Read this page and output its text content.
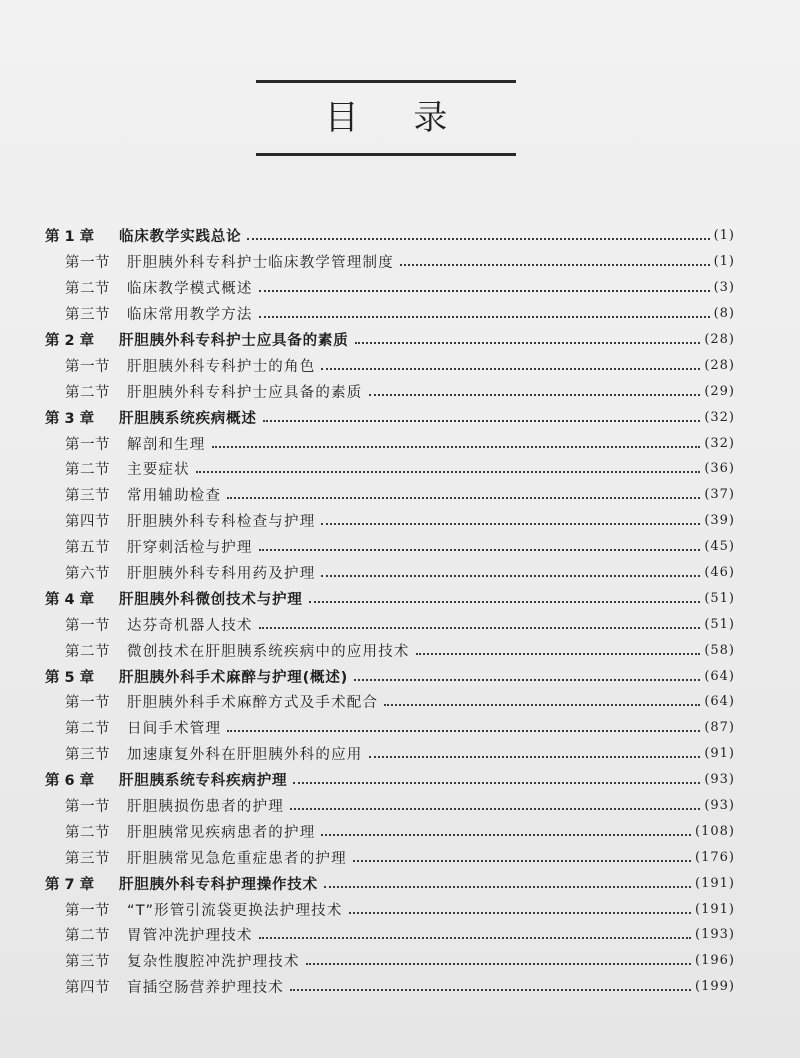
目 录
第 1 章	临床教学实践总论	(1)
第一节	肝胆胰外科专科护士临床教学管理制度	(1)
第二节	临床教学模式概述	(3)
第三节	临床常用教学方法	(8)
第 2 章	肝胆胰外科专科护士应具备的素质	(28)
第一节	肝胆胰外科专科护士的角色	(28)
第二节	肝胆胰外科专科护士应具备的素质	(29)
第 3 章	肝胆胰系统疾病概述	(32)
第一节	解剖和生理	(32)
第二节	主要症状	(36)
第三节	常用辅助检查	(37)
第四节	肝胆胰外科专科检查与护理	(39)
第五节	肝穿刺活检与护理	(45)
第六节	肝胆胰外科专科用药及护理	(46)
第 4 章	肝胆胰外科微创技术与护理	(51)
第一节	达芬奇机器人技术	(51)
第二节	微创技术在肝胆胰系统疾病中的应用技术	(58)
第 5 章	肝胆胰外科手术麻醉与护理(概述)	(64)
第一节	肝胆胰外科手术麻醉方式及手术配合	(64)
第二节	日间手术管理	(87)
第三节	加速康复外科在肝胆胰外科的应用	(91)
第 6 章	肝胆胰系统专科疾病护理	(93)
第一节	肝胆胰损伤患者的护理	(93)
第二节	肝胆胰常见疾病患者的护理	(108)
第三节	肝胆胰常见急危重症患者的护理	(176)
第 7 章	肝胆胰外科专科护理操作技术	(191)
第一节	“T”形管引流袋更换法护理技术	(191)
第二节	胃管冲洗护理技术	(193)
第三节	复杂性腹腔冲洗护理技术	(196)
第四节	盲插空肠营养护理技术	(199)
